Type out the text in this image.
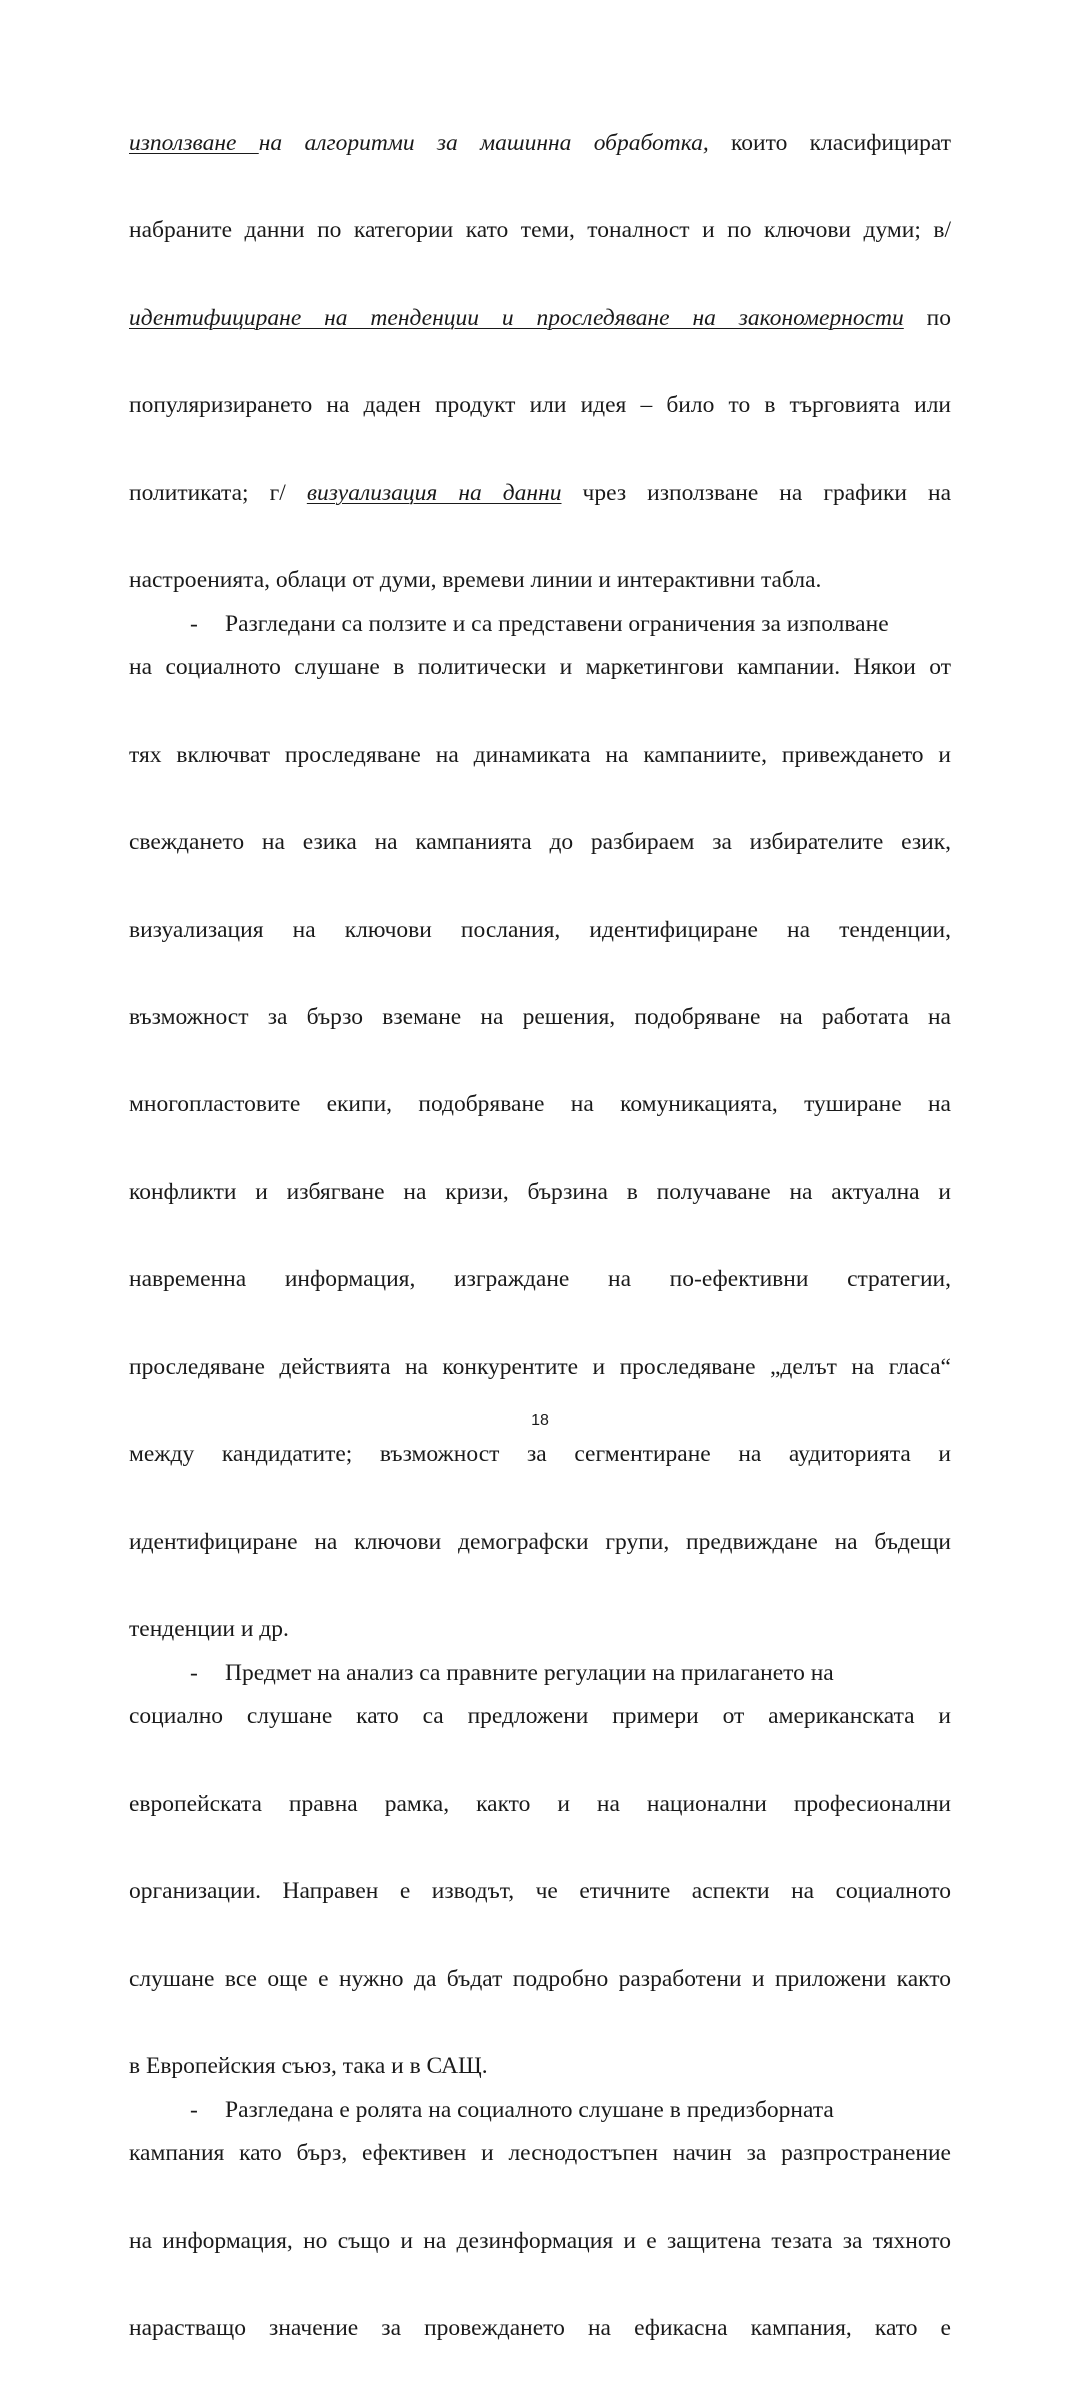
използване на алгоритми за машинна обработка, които класифицират

набраните данни по категории като теми, тоналност и по ключови думи; в/

идентифициране на тенденции и проследяване на закономерности по

популяризирането на даден продукт или идея – било то в търговията или

политиката; г/ визуализация на данни чрез използване на графики на

настроенията, облаци от думи, времеви линии и интерактивни табла.

- Разгледани са ползите и са представени ограничения за изполване

на социалното слушане в политически и маркетингови кампании. Някои от

тях включват проследяване на динамиката на кампаниите, привеждането и

свеждането на езика на кампанията до разбираем за избирателите език,

визуализация на ключови послания, идентифициране на тенденции,

възможност за бързо вземане на решения, подобряване на работата на

многопластовите екипи, подобряване на комуникацията, туширане на

конфликти и избягване на кризи, бързина в получаване на актуална и

навременна информация, изграждане на по-ефективни стратегии,

проследяване действията на конкурентите и проследяване „делът на гласа“

между кандидатите; възможност за сегментиране на аудиторията и

идентифициране на ключови демографски групи, предвиждане на бъдещи

тенденции и др.

- Предмет на анализ са правните регулации на прилагането на

социално слушане като са предложени примери от американската и

европейската правна рамка, както и на национални професионални

организации. Направен е изводът, че етичните аспекти на социалното

слушане все още е нужно да бъдат подробно разработени и приложени както

в Европейския съюз, така и в САЩ.

- Разгледана е ролята на социалното слушане в предизборната

кампания като бърз, ефективен и леснодостъпен начин за разпространение

на информация, но също и на дезинформация и е защитена тезата за тяхното

нарастващо значение за провеждането на ефикасна кампания, като е

18
